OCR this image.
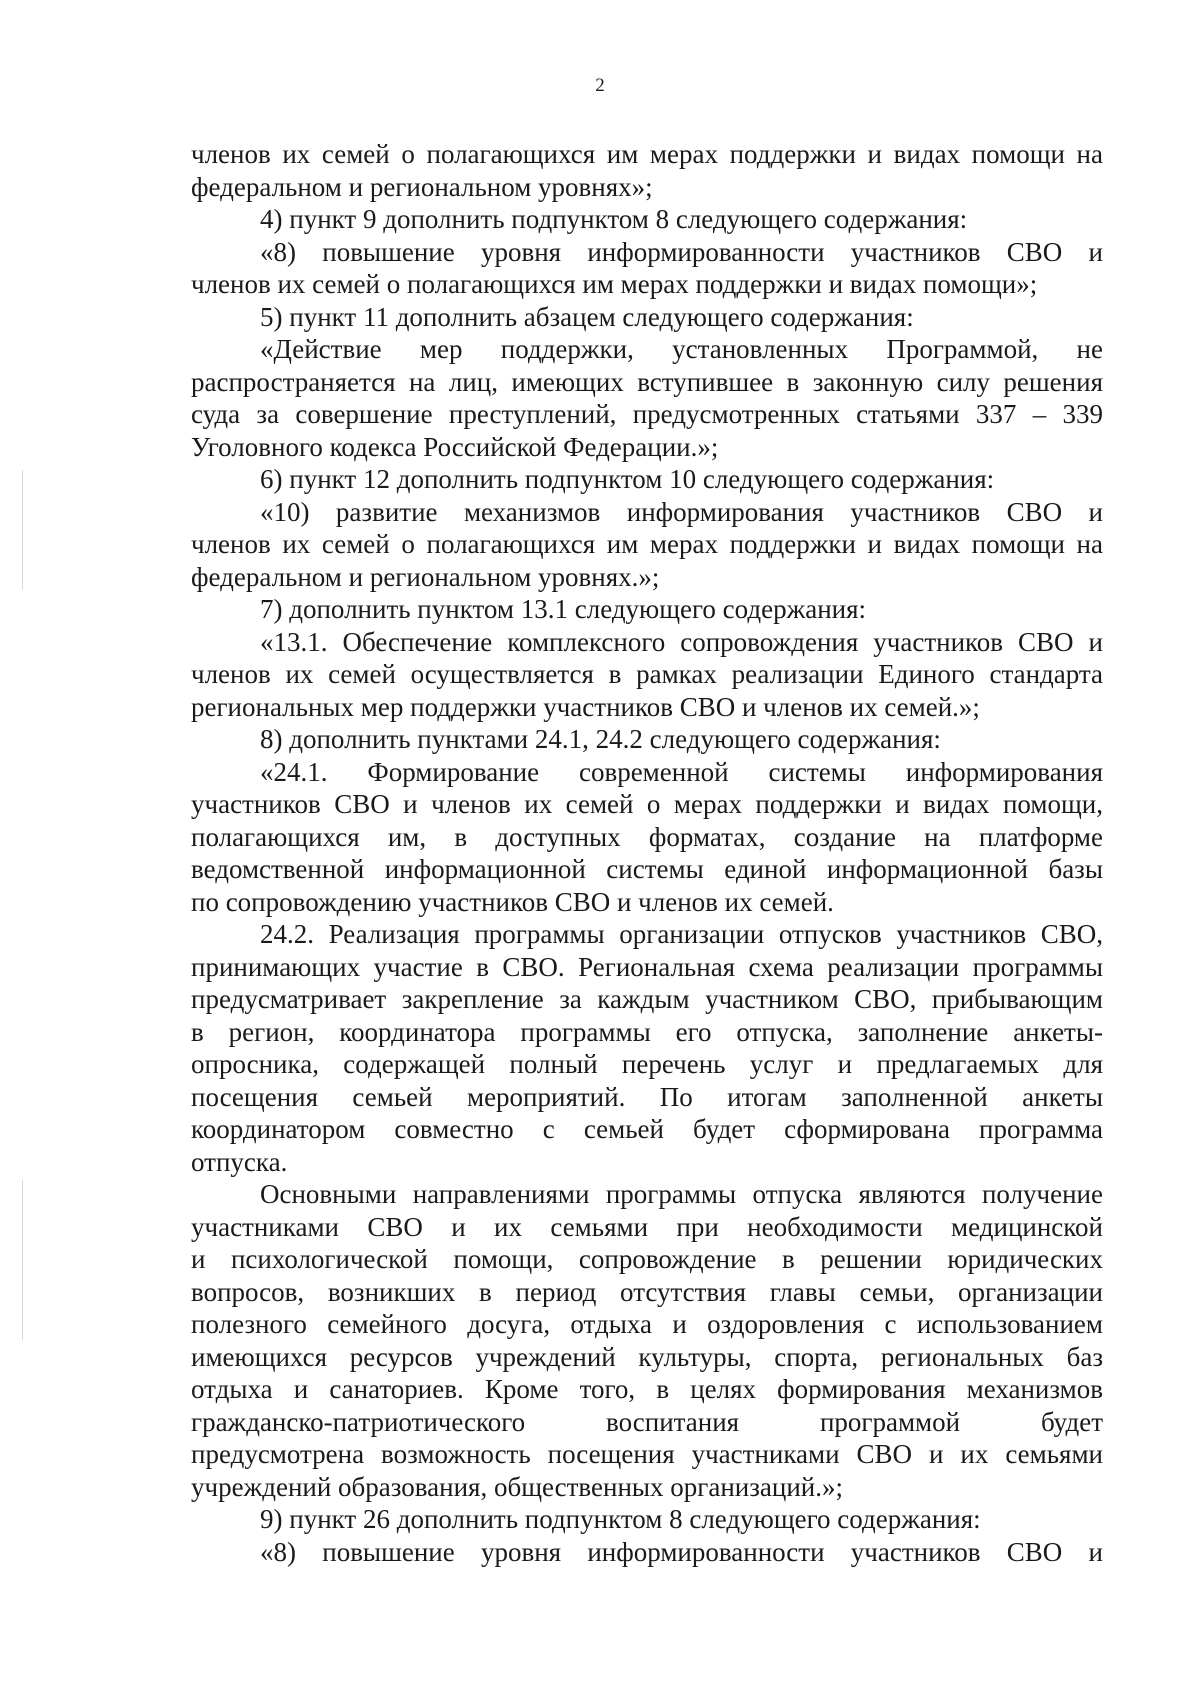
2
членов их семей о полагающихся им мерах поддержки и видах помощи на
федеральном и региональном уровнях»;
4) пункт 9 дополнить подпунктом 8 следующего содержания:
«8) повышение уровня информированности участников СВО и
членов их семей о полагающихся им мерах поддержки и видах помощи»;
5) пункт 11 дополнить абзацем следующего содержания:
«Действие мер поддержки, установленных Программой, не
распространяется на лиц, имеющих вступившее в законную силу решения
суда за совершение преступлений, предусмотренных статьями 337 – 339
Уголовного кодекса Российской Федерации.»;
6) пункт 12 дополнить подпунктом 10 следующего содержания:
«10) развитие механизмов информирования участников СВО и
членов их семей о полагающихся им мерах поддержки и видах помощи на
федеральном и региональном уровнях.»;
7) дополнить пунктом 13.1 следующего содержания:
«13.1. Обеспечение комплексного сопровождения участников СВО и
членов их семей осуществляется в рамках реализации Единого стандарта
региональных мер поддержки участников СВО и членов их семей.»;
8) дополнить пунктами 24.1, 24.2 следующего содержания:
«24.1. Формирование современной системы информирования
участников СВО и членов их семей о мерах поддержки и видах помощи,
полагающихся им, в доступных форматах, создание на платформе
ведомственной информационной системы единой информационной базы
по сопровождению участников СВО и членов их семей.
24.2. Реализация программы организации отпусков участников СВО,
принимающих участие в СВО. Региональная схема реализации программы
предусматривает закрепление за каждым участником СВО, прибывающим
в регион, координатора программы его отпуска, заполнение анкеты-
опросника, содержащей полный перечень услуг и предлагаемых для
посещения семьей мероприятий. По итогам заполненной анкеты
координатором совместно с семьей будет сформирована программа
отпуска.
Основными направлениями программы отпуска являются получение
участниками СВО и их семьями при необходимости медицинской
и психологической помощи, сопровождение в решении юридических
вопросов, возникших в период отсутствия главы семьи, организации
полезного семейного досуга, отдыха и оздоровления с использованием
имеющихся ресурсов учреждений культуры, спорта, региональных баз
отдыха и санаториев. Кроме того, в целях формирования механизмов
гражданско-патриотического воспитания программой будет
предусмотрена возможность посещения участниками СВО и их семьями
учреждений образования, общественных организаций.»;
9) пункт 26 дополнить подпунктом 8 следующего содержания:
«8) повышение уровня информированности участников СВО и
